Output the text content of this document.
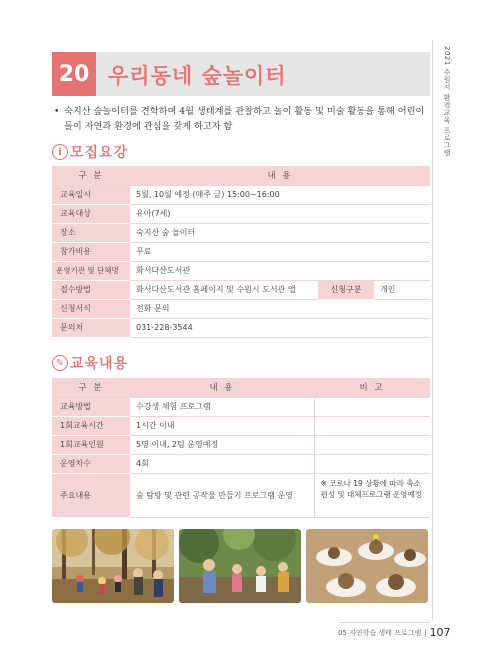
2021 수원시 환경교육 프로그램
20 우리동네 숲놀이터
• 숙지산 숲놀이터를 견학하며 4월 생태계를 관찰하고 놀이 활동 및 미술 활동을 통해 어린이들이 자연과 환경에 관심을 갖게 하고자 함
i 모집요강
구 분	내 용		
교육일시	5월, 10월 예정 (매주 금) 15:00~16:00		
교육대상	유아(7세)		
장소	숙지산 숲 놀이터		
참가비용	무료		
운영기관 및 단체명	화서다산도서관		
접수방법	화서다산도서관 홈페이지 및 수원시 도서관 앱	신청구분	개인
신청서식	전화 문의		
문의처	031-228-3544		
✎ 교육내용
구 분	내 용	비 고
교육방법	수강생 체험 프로그램	
1회교육시간	1시간 이내	
1회교육인원	5명 이내, 2팀 운영예정	
운영차수	4회	
주요내용	숲 탐방 및 관련 공작물 만들기 프로그램 운영	※ 코로나 19 상황에 따라 축소편성 및 대체프로그램 운영예정
05 자연학습 생태 프로그램 | 107
